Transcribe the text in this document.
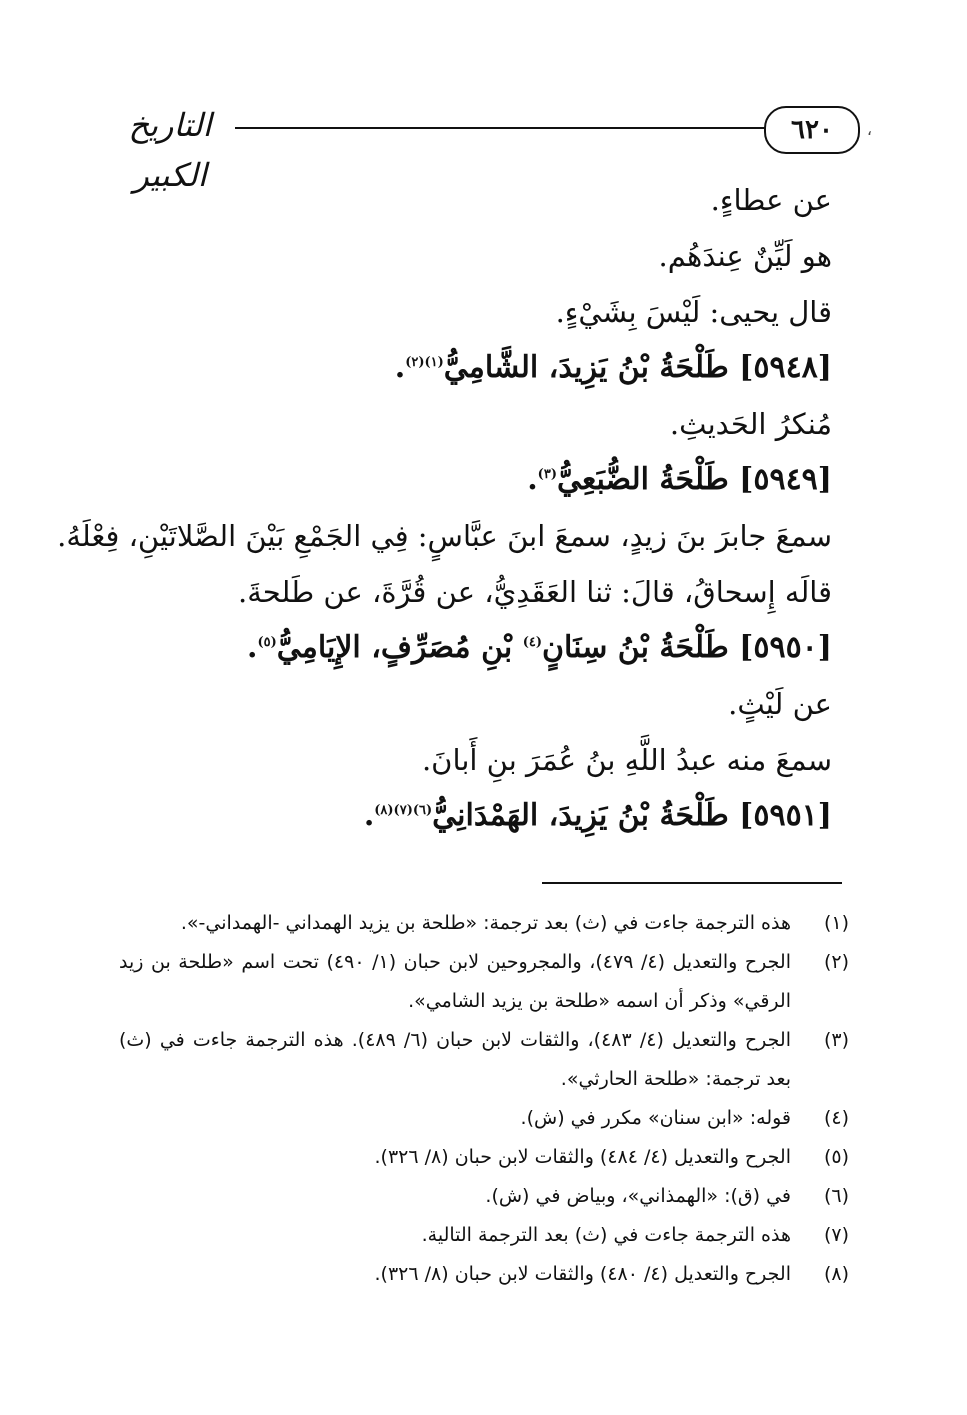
٦٢٠
التاريخ الكبير
،
عن عطاءٍ.
هو لَيِّنٌ عِندَهُم.
قال يحيى: لَيْسَ بِشَيْءٍ.
[٥٩٤٨] طَلْحَةُ بْنُ يَزِيدَ، الشَّامِيُّ$^{(١)(٢)}$.
مُنكرُ الحَديثِ.
[٥٩٤٩] طَلْحَةُ الضُّبَعِيُّ$^{(٣)}$.
سمعَ جابرَ بنَ زيدٍ، سمعَ ابنَ عبَّاسٍ: فِي الجَمْعِ بَيْنَ الصَّلاتَيْنِ، فِعْلَهُ.
قالَه إِسحاقُ، قالَ: ثنا العَقَدِيُّ، عن قُرَّةَ، عن طَلحةَ.
[٥٩٥٠] طَلْحَةُ بْنُ سِنَانٍ$^{(٤)}$ بْنِ مُصَرِّفٍ، الإِيَامِيُّ$^{(٥)}$.
عن لَيْثٍ.
سمعَ منه عبدُ اللَّهِ بنُ عُمَرَ بنِ أَبانَ.
[٥٩٥١] طَلْحَةُ بْنُ يَزِيدَ، الهَمْدَانِيُّ$^{(٦)(٧)(٨)}$.
(١)
هذه الترجمة جاءت في (ث) بعد ترجمة: «طلحة بن يزيد الهمداني -الهمداني-».
(٢)
الجرح والتعديل (٤/ ٤٧٩)، والمجروحين لابن حبان (١/ ٤٩٠) تحت اسم «طلحة بن زيد الرقي» وذكر أن اسمه «طلحة بن يزيد الشامي».
(٣)
الجرح والتعديل (٤/ ٤٨٣)، والثقات لابن حبان (٦/ ٤٨٩). هذه الترجمة جاءت في (ث) بعد ترجمة: «طلحة الحارثي».
(٤)
قوله: «ابن سنان» مكرر في (ش).
(٥)
الجرح والتعديل (٤/ ٤٨٤) والثقات لابن حبان (٨/ ٣٢٦).
(٦)
في (ق): «الهمذاني»، وبياض في (ش).
(٧)
هذه الترجمة جاءت في (ث) بعد الترجمة التالية.
(٨)
الجرح والتعديل (٤/ ٤٨٠) والثقات لابن حبان (٨/ ٣٢٦).
